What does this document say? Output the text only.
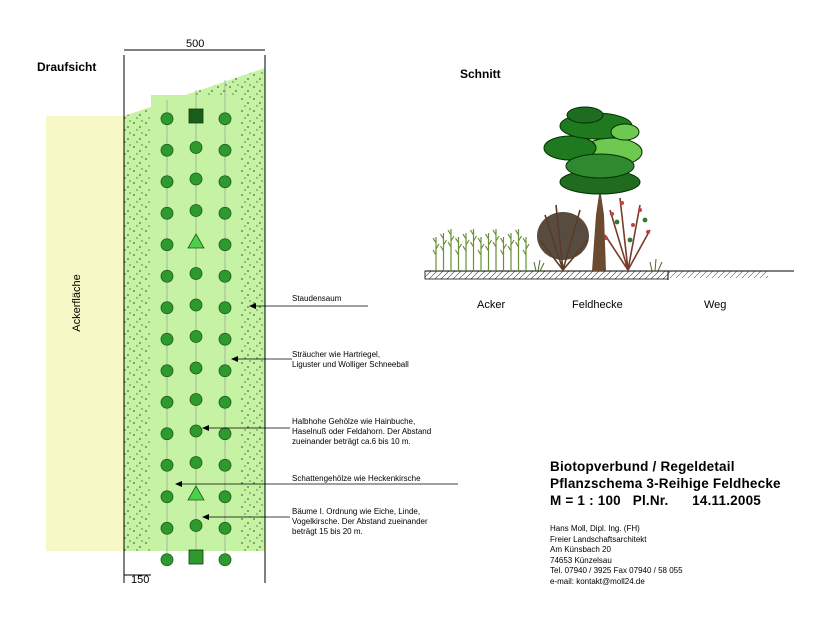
Draufsicht	Schnitt
500
150
Ackerfläche	Staudensaum
Sträucher wie Hartriegel,
Liguster und Wolliger Schneeball
Halbhohe Gehölze wie Hainbuche,
Haselnuß oder Feldahorn. Der Abstand
zueinander beträgt ca.6 bis 10 m.
Schattengehölze wie Heckenkirsche
Bäume I. Ordnung wie Eiche, Linde,
Vogelkirsche. Der Abstand zueinander
beträgt 15 bis 20 m.
Acker	Feldhecke	Weg
Biotopverbund / Regeldetail
Pflanzschema 3-Reihige Feldhecke
M = 1 : 100 Pl.Nr. 14.11.2005
Hans Moll, Dipl. Ing. (FH)
Freier Landschaftsarchitekt
Am Künsbach 20
74653 Künzelsau
Tel. 07940 / 3925 Fax 07940 / 58 055
e-mail: kontakt@moll24.de
